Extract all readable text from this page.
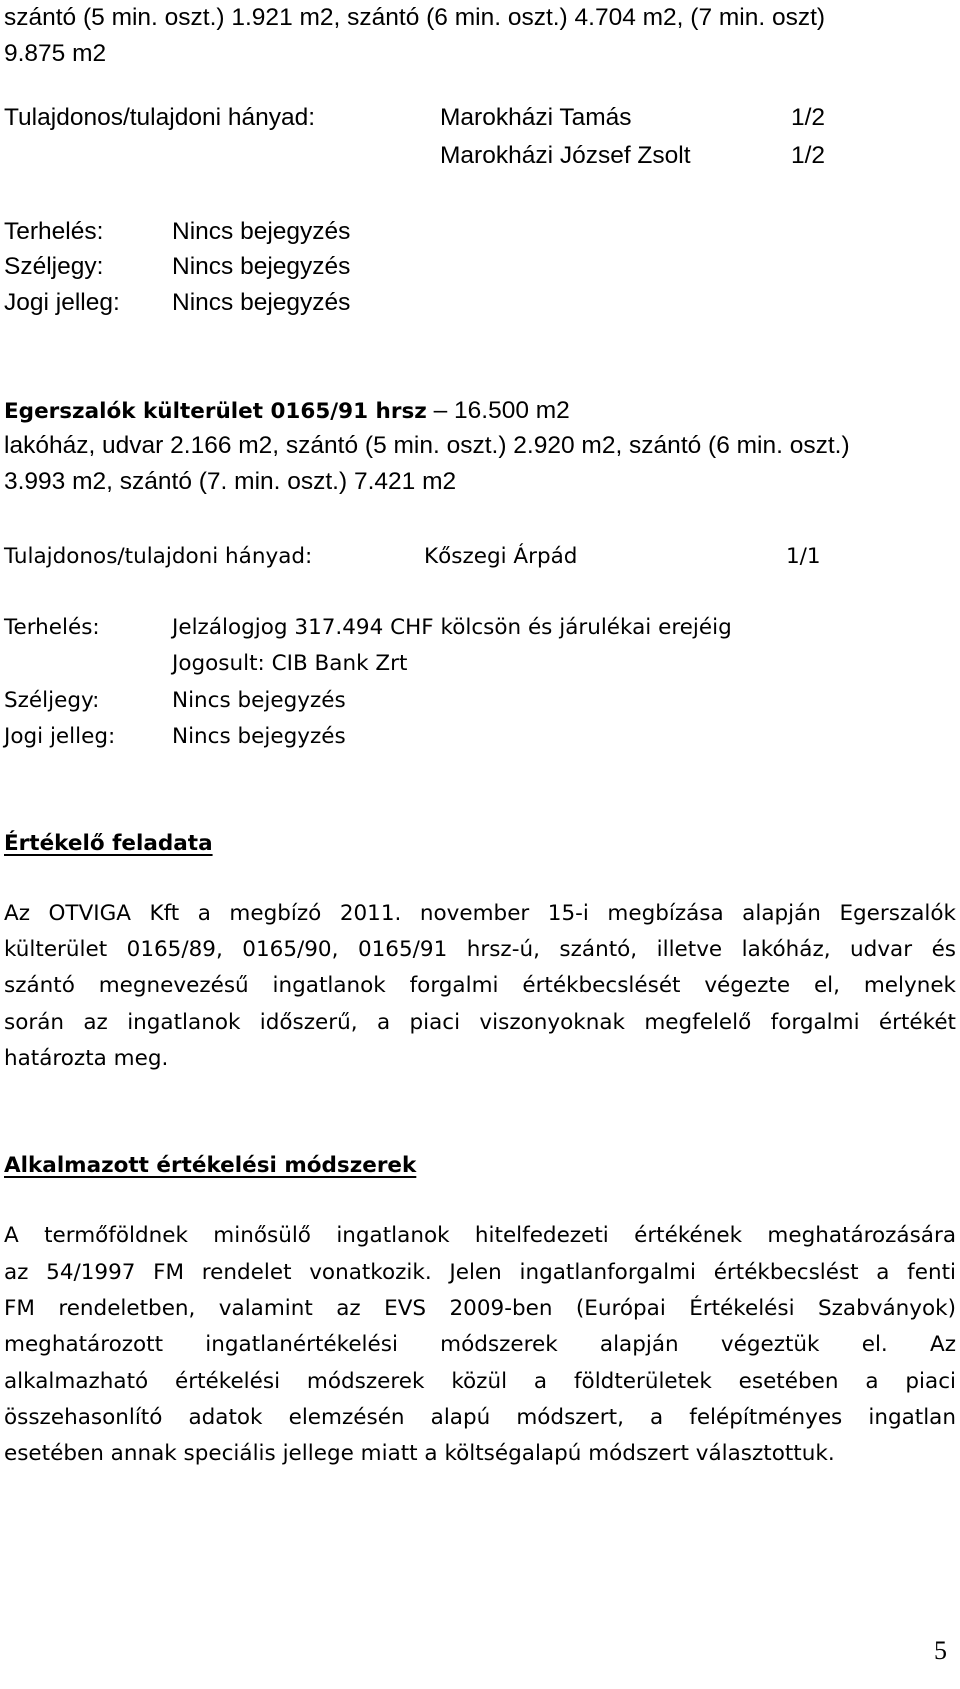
szántó (5 min. oszt.) 1.921 m2, szántó (6 min. oszt.) 4.704 m2, (7 min. oszt)
9.875 m2
Tulajdonos/tulajdoni hányad:	Marokházi Tamás	1/2
Marokházi József Zsolt	1/2
Terhelés:	Nincs bejegyzés
Széljegy:	Nincs bejegyzés
Jogi jelleg: Nincs bejegyzés
Egerszalók külterület 0165/91 hrsz – 16.500 m2
lakóház, udvar 2.166 m2, szántó (5 min. oszt.) 2.920 m2, szántó (6 min. oszt.)
3.993 m2, szántó (7. min. oszt.) 7.421 m2
Tulajdonos/tulajdoni hányad:	Kőszegi Árpád	1/1
Terhelés:	Jelzálogjog 317.494 CHF kölcsön és járulékai erejéig
Jogosult: CIB Bank Zrt
Széljegy:	Nincs bejegyzés
Jogi jelleg:	Nincs bejegyzés
Értékelő feladata
Az OTVIGA Kft a megbízó 2011. november 15-i megbízása alapján Egerszalók
külterület 0165/89, 0165/90, 0165/91 hrsz-ú, szántó, illetve lakóház, udvar és
szántó megnevezésű ingatlanok forgalmi értékbecslését végezte el, melynek
során az ingatlanok időszerű, a piaci viszonyoknak megfelelő forgalmi értékét
határozta meg.
Alkalmazott értékelési módszerek
A termőföldnek minősülő ingatlanok hitelfedezeti értékének meghatározására
az 54/1997 FM rendelet vonatkozik. Jelen ingatlanforgalmi értékbecslést a fenti
FM rendeletben, valamint az EVS 2009-ben (Európai Értékelési Szabványok)
meghatározott ingatlanértékelési módszerek alapján végeztük el. Az
alkalmazható értékelési módszerek közül a földterületek esetében a piaci
összehasonlító adatok elemzésén alapú módszert, a felépítményes ingatlan
esetében annak speciális jellege miatt a költségalapú módszert választottuk.
5
